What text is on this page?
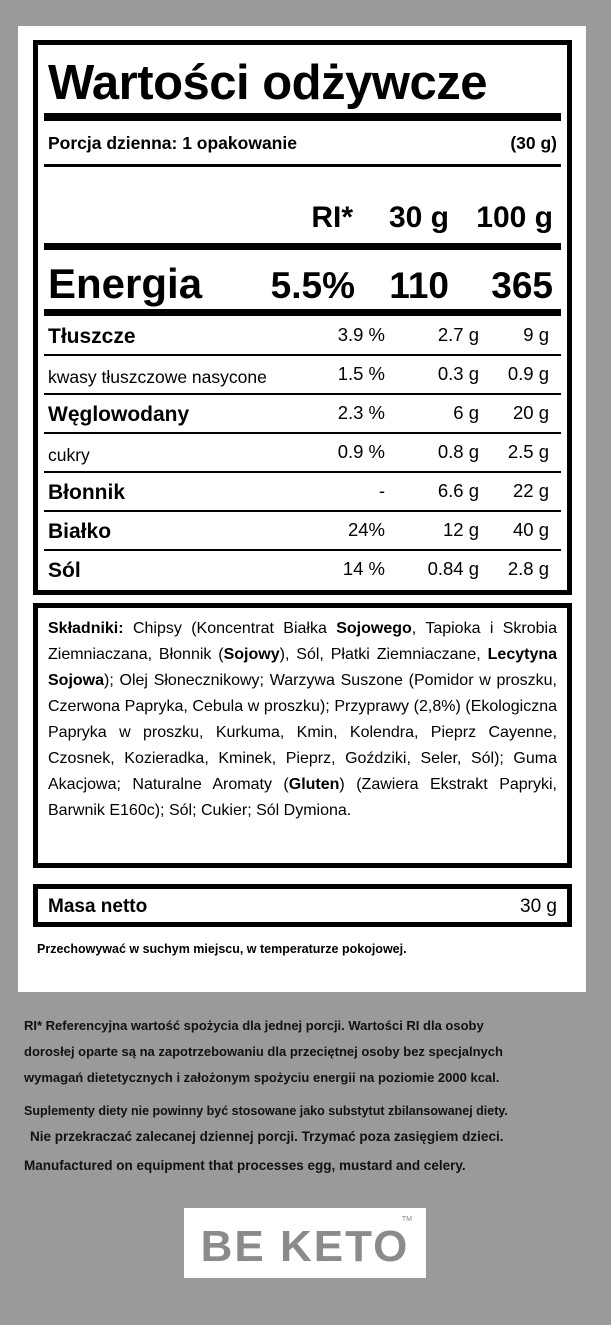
Wartości odżywcze
Porcja dzienna: 1 opakowanie	(30 g)
RI* 30 g 100 g
Energia 5.5% 110 365
Tłuszcze	3.9 %	2.7 g 9 g
kwasy tłuszczowe nasycone	1.5 %	0.3 g 0.9 g
Węglowodany	2.3 %	6 g 20 g
cukry	0.9 %	0.8 g 2.5 g
Błonnik	-	6.6 g 22 g
Białko	24%	12 g 40 g
Sól	14 % 0.84 g 2.8 g
Składniki: Chipsy (Koncentrat Białka Sojowego, Tapioka i Skrobia Ziemniaczana, Błonnik (Sojowy), Sól, Płatki Ziemniaczane, Lecytyna Sojowa); Olej Słonecznikowy; Warzywa Suszone (Pomidor w proszku, Czerwona Papryka, Cebula w proszku); Przyprawy (2,8%) (Ekologiczna Papryka w proszku, Kurkuma, Kmin, Kolendra, Pieprz Cayenne, Czosnek, Kozieradka, Kminek, Pieprz, Goździki, Seler, Sól); Guma Akacjowa; Naturalne Aromaty (Gluten) (Zawiera Ekstrakt Papryki, Barwnik E160c); Sól; Cukier; Sól Dymiona.
Masa netto	30 g
Przechowywać w suchym miejscu, w temperaturze pokojowej.
RI* Referencyjna wartość spożycia dla jednej porcji. Wartości RI dla osoby
dorosłej oparte są na zapotrzebowaniu dla przeciętnej osoby bez specjalnych
wymagań dietetycznych i założonym spożyciu energii na poziomie 2000 kcal.
Suplementy diety nie powinny być stosowane jako substytut zbilansowanej diety.
Nie przekraczać zalecanej dziennej porcji. Trzymać poza zasięgiem dzieci.
Manufactured on equipment that processes egg, mustard and celery.
BE KETO
TM
